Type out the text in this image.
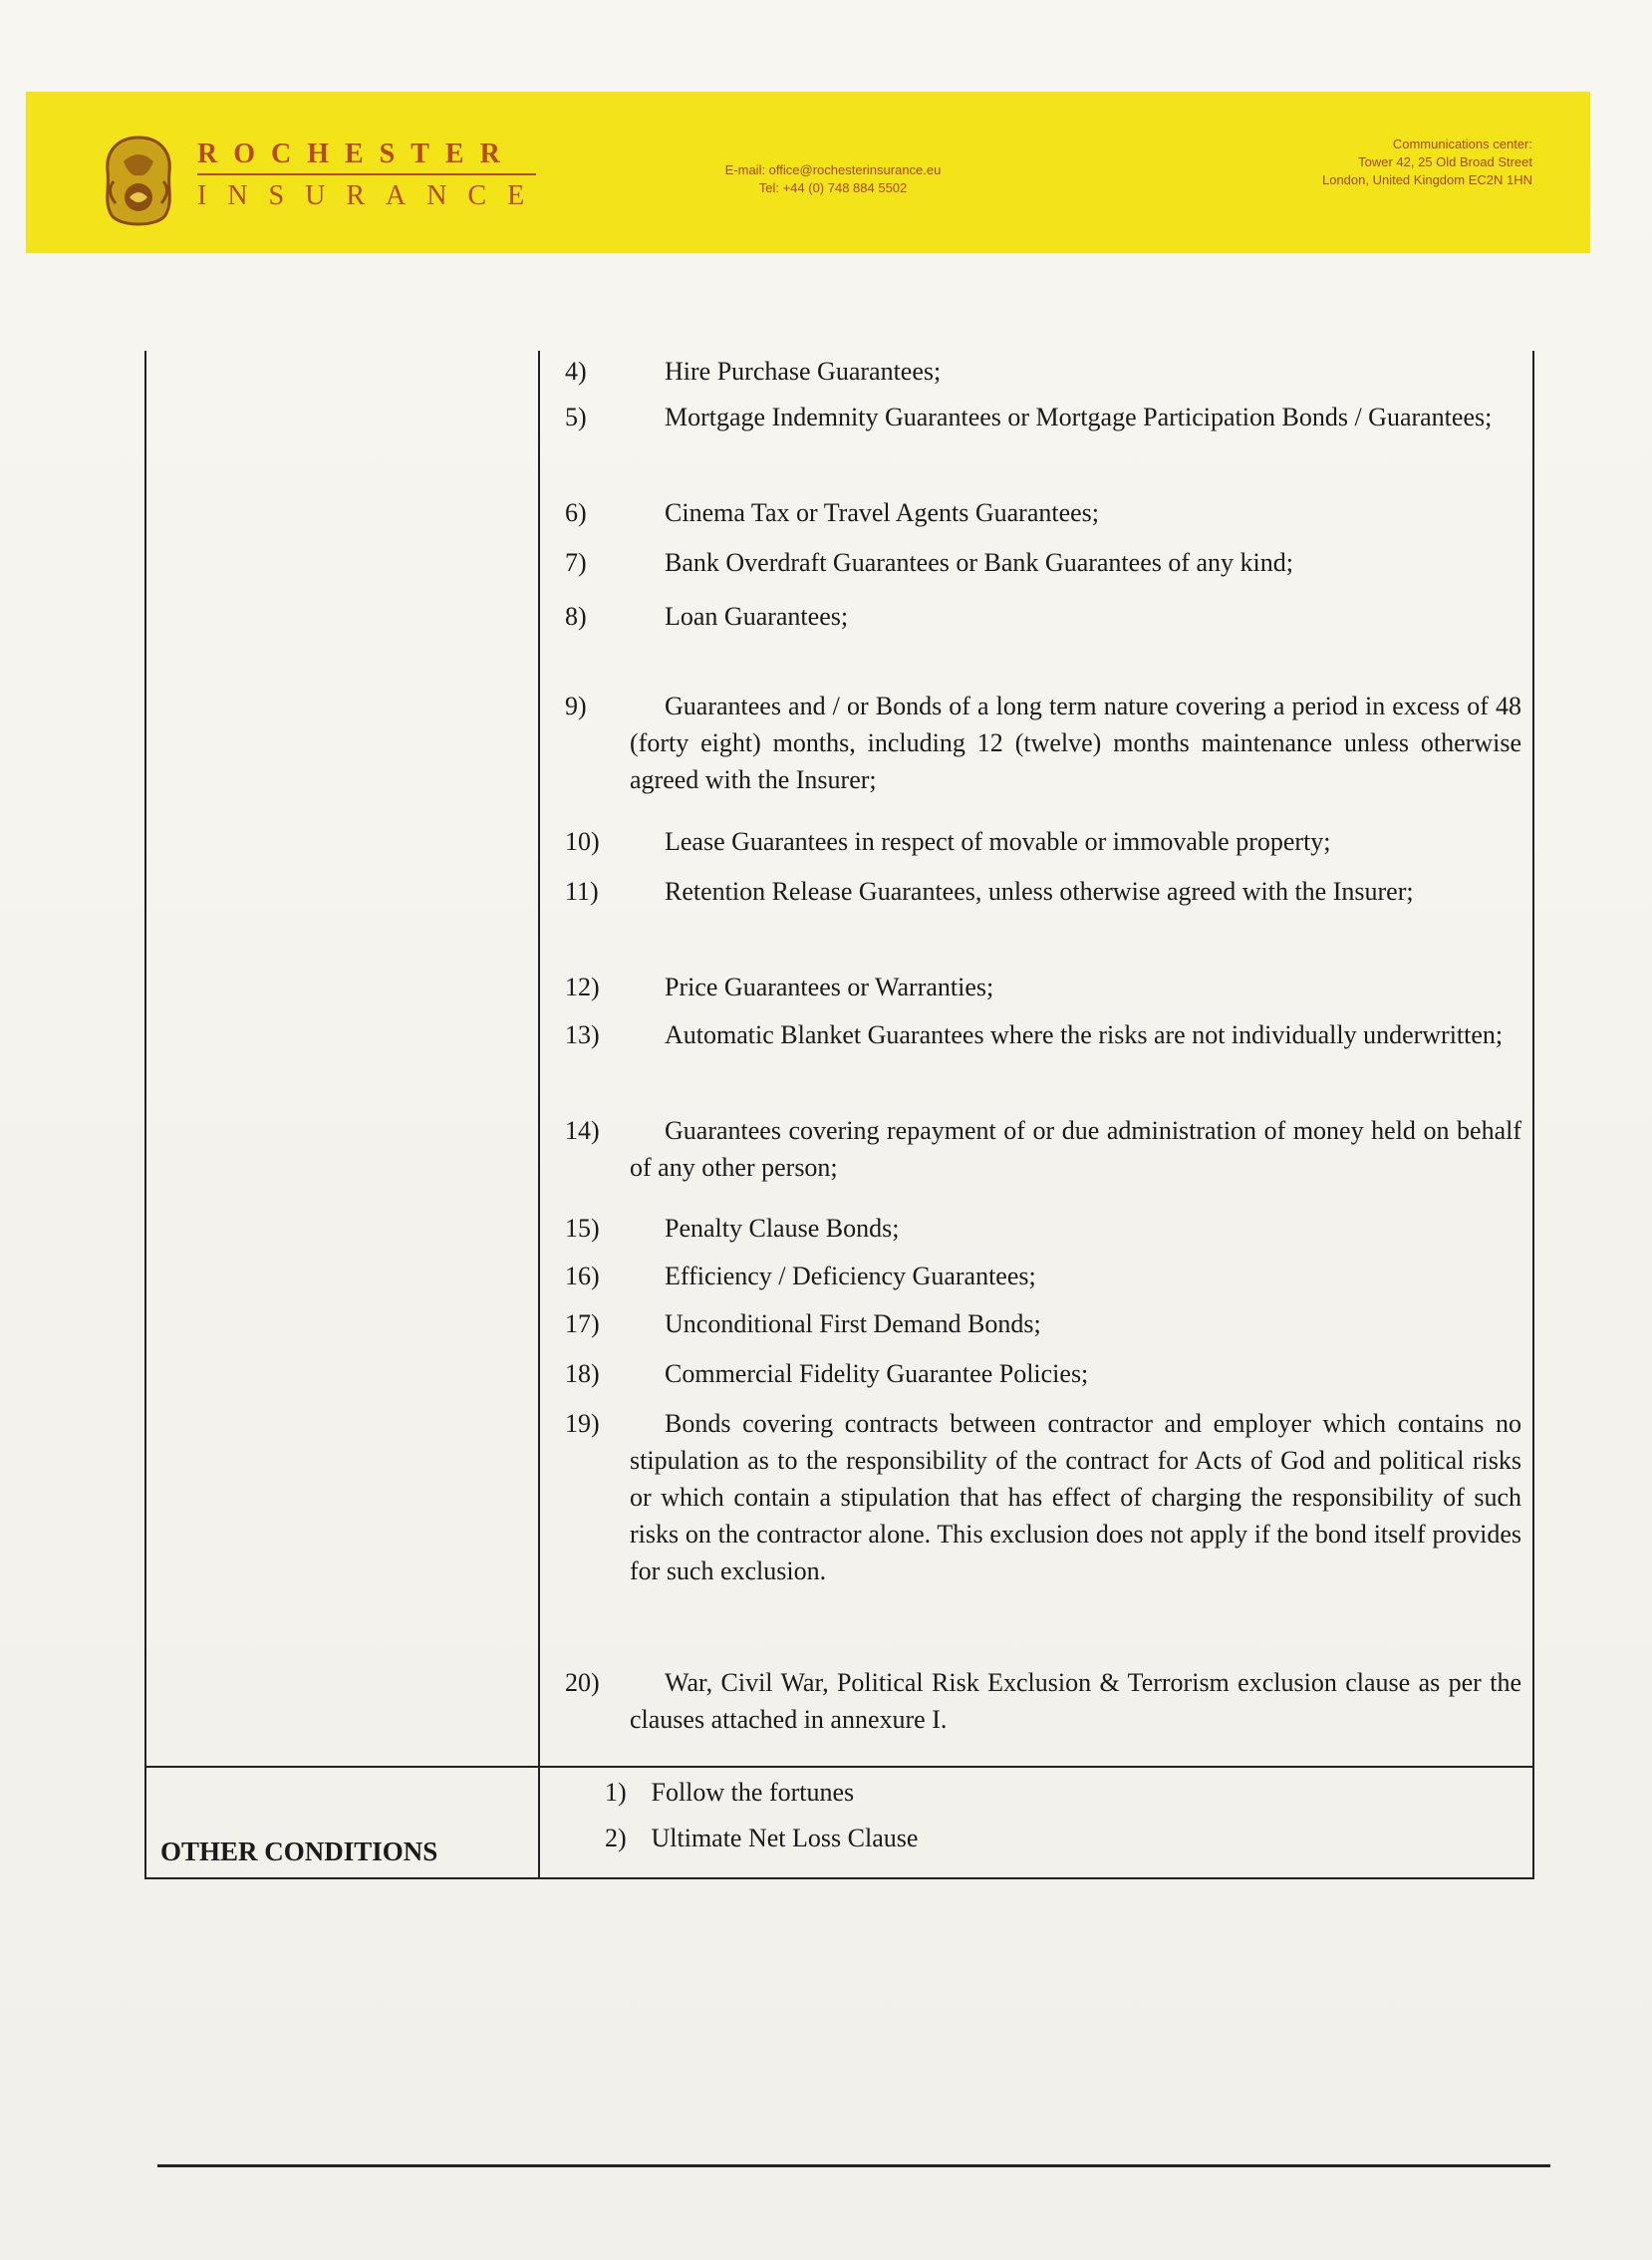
ROCHESTER
INSURANCE
E-mail: office@rochesterinsurance.eu
Tel: +44 (0) 748 884 5502
Communications center:
Tower 42, 25 Old Broad Street
London, United Kingdom EC2N 1HN
4)	Hire Purchase Guarantees;
5)	Mortgage Indemnity Guarantees or Mortgage Participation Bonds / Guarantees;
6)	Cinema Tax or Travel Agents Guarantees;
7)	Bank Overdraft Guarantees or Bank Guarantees of any kind;
8)	Loan Guarantees;
9)	Guarantees and / or Bonds of a long term nature covering a period in excess of 48 (forty eight) months, including 12 (twelve) months maintenance unless otherwise agreed with the Insurer;
10)	Lease Guarantees in respect of movable or immovable property;
11)	Retention Release Guarantees, unless otherwise agreed with the Insurer;
12)	Price Guarantees or Warranties;
13)	Automatic Blanket Guarantees where the risks are not individually underwritten;
14)	Guarantees covering repayment of or due administration of money held on behalf of any other person;
15)	Penalty Clause Bonds;
16)	Efficiency / Deficiency Guarantees;
17)	Unconditional First Demand Bonds;
18)	Commercial Fidelity Guarantee Policies;
19)	Bonds covering contracts between contractor and employer which contains no stipulation as to the responsibility of the contract for Acts of God and political risks or which contain a stipulation that has effect of charging the responsibility of such risks on the contractor alone. This exclusion does not apply if the bond itself provides for such exclusion.
20)	War, Civil War, Political Risk Exclusion & Terrorism exclusion clause as per the clauses attached in annexure I.
OTHER CONDITIONS
1) Follow the fortunes
2) Ultimate Net Loss Clause
